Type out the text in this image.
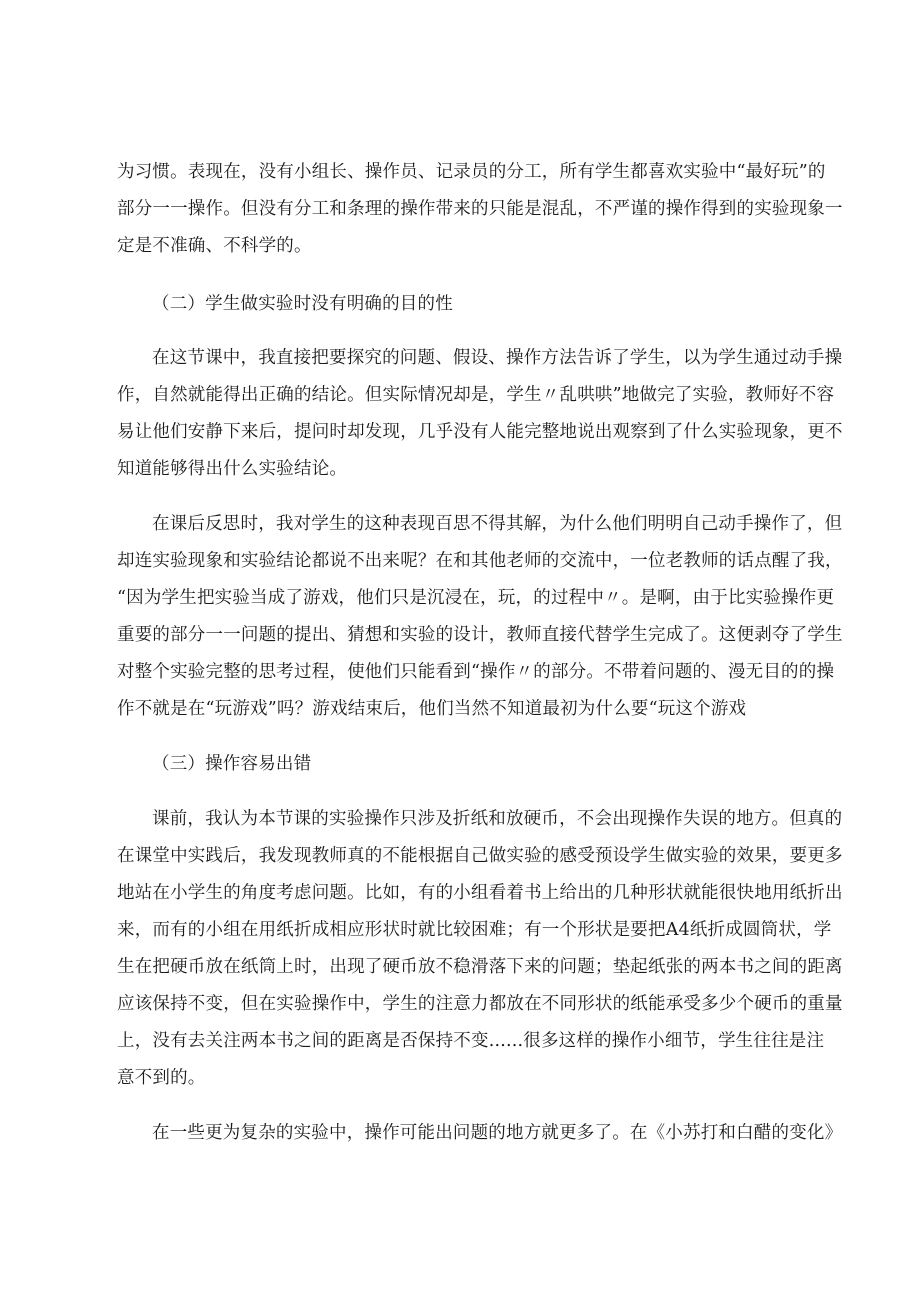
为习惯。表现在，没有小组长、操作员、记录员的分工，所有学生都喜欢实验中“最好玩”的
部分一一操作。但没有分工和条理的操作带来的只能是混乱，不严谨的操作得到的实验现象一
定是不准确、不科学的。
（二）学生做实验时没有明确的目的性
在这节课中，我直接把要探究的问题、假设、操作方法告诉了学生，以为学生通过动手操
作，自然就能得出正确的结论。但实际情况却是，学生〃乱哄哄”地做完了实验，教师好不容
易让他们安静下来后，提问时却发现，几乎没有人能完整地说出观察到了什么实验现象，更不
知道能够得出什么实验结论。
在课后反思时，我对学生的这种表现百思不得其解，为什么他们明明自己动手操作了，但
却连实验现象和实验结论都说不出来呢？在和其他老师的交流中，一位老教师的话点醒了我，
“因为学生把实验当成了游戏，他们只是沉浸在，玩，的过程中〃。是啊，由于比实验操作更
重要的部分一一问题的提出、猜想和实验的设计，教师直接代替学生完成了。这便剥夺了学生
对整个实验完整的思考过程，使他们只能看到“操作〃的部分。不带着问题的、漫无目的的操
作不就是在“玩游戏”吗？游戏结束后，他们当然不知道最初为什么要“玩这个游戏
（三）操作容易出错
课前，我认为本节课的实验操作只涉及折纸和放硬币，不会出现操作失误的地方。但真的
在课堂中实践后，我发现教师真的不能根据自己做实验的感受预设学生做实验的效果，要更多
地站在小学生的角度考虑问题。比如，有的小组看着书上给出的几种形状就能很快地用纸折出
来，而有的小组在用纸折成相应形状时就比较困难；有一个形状是要把A4纸折成圆筒状，学
生在把硬币放在纸筒上时，出现了硬币放不稳滑落下来的问题；垫起纸张的两本书之间的距离
应该保持不变，但在实验操作中，学生的注意力都放在不同形状的纸能承受多少个硬币的重量
上，没有去关注两本书之间的距离是否保持不变......很多这样的操作小细节，学生往往是注
意不到的。
在一些更为复杂的实验中，操作可能出问题的地方就更多了。在《小苏打和白醋的变化》
